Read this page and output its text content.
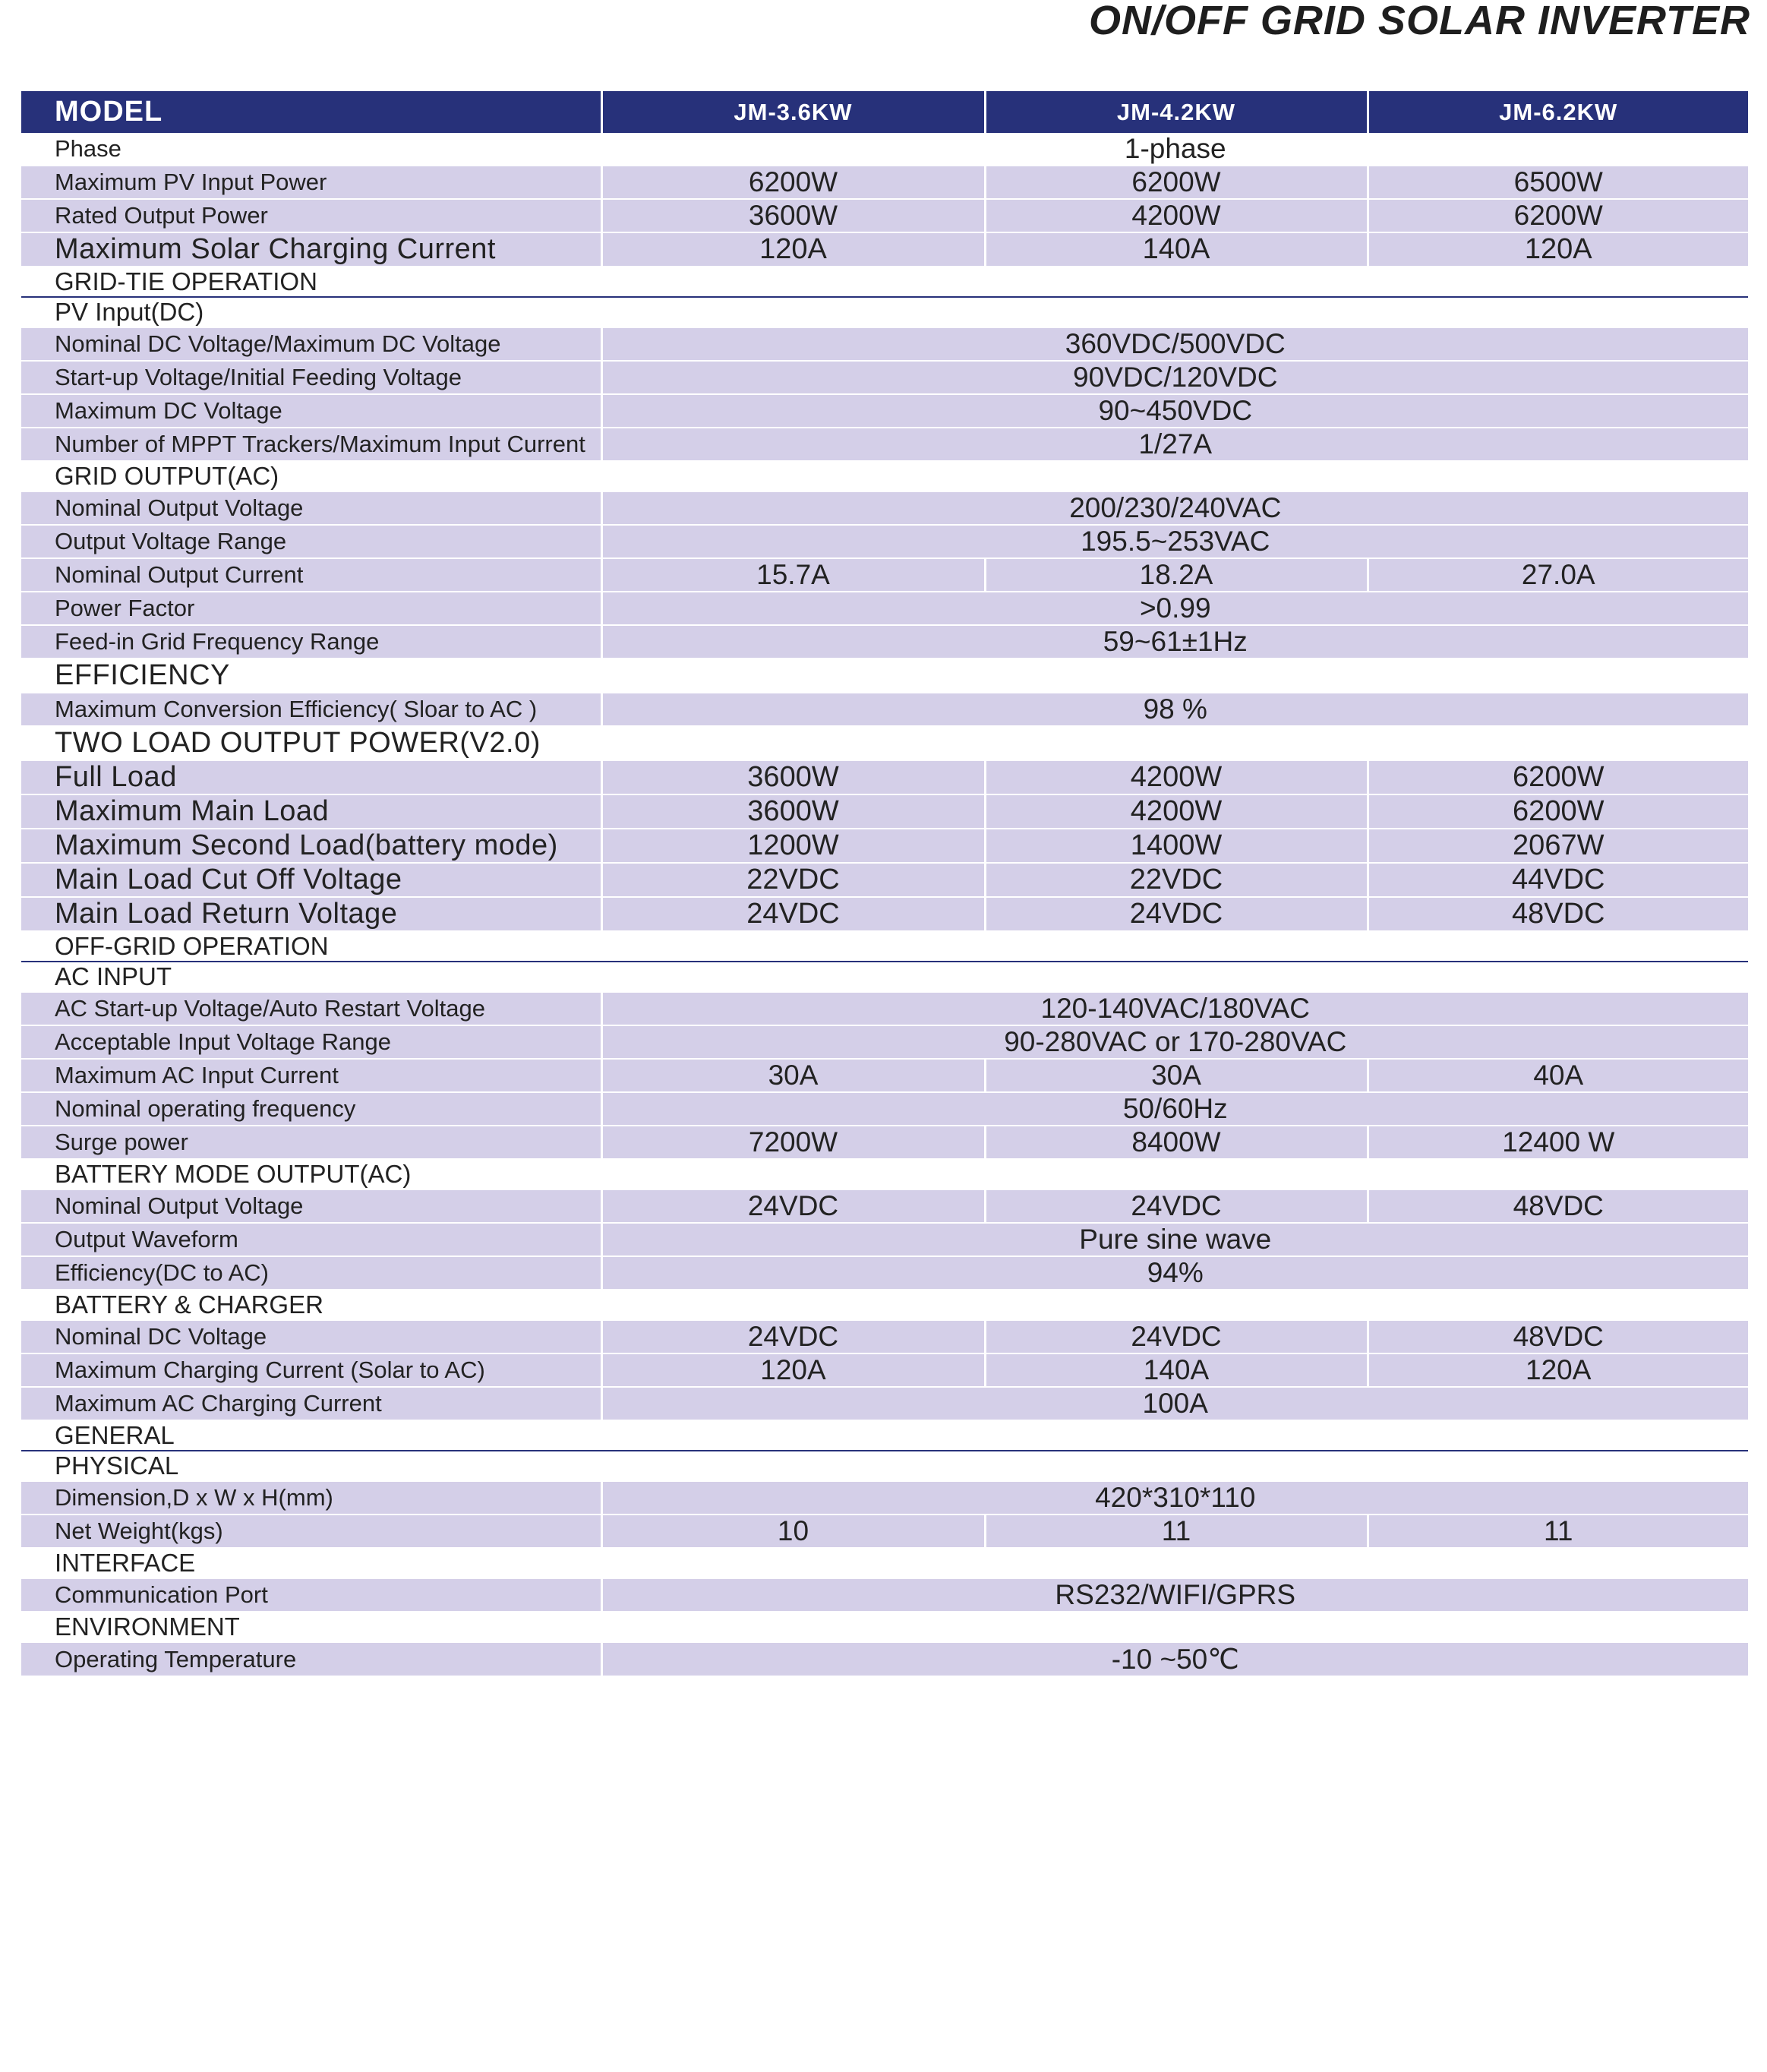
ON/OFF GRID SOLAR INVERTER
MODEL	JM-3.6KW	JM-4.2KW	JM-6.2KW
Phase	1-phase		
Maximum PV Input Power	6200W	6200W	6500W
Rated Output Power	3600W	4200W	6200W
Maximum Solar Charging Current	120A	140A	120A
GRID-TIE OPERATION			
PV Input(DC)			
Nominal DC Voltage/Maximum DC Voltage	360VDC/500VDC		
Start-up Voltage/Initial Feeding Voltage	90VDC/120VDC		
Maximum DC Voltage	90~450VDC		
Number of MPPT Trackers/Maximum Input Current	1/27A		
GRID OUTPUT(AC)			
Nominal Output Voltage	200/230/240VAC		
Output Voltage Range	195.5~253VAC		
Nominal Output Current	15.7A	18.2A	27.0A
Power Factor	>0.99		
Feed-in Grid Frequency Range	59~61±1Hz		
EFFICIENCY			
Maximum Conversion Efficiency( Sloar to AC )	98 %		
TWO LOAD OUTPUT POWER(V2.0)			
Full Load	3600W	4200W	6200W
Maximum Main Load	3600W	4200W	6200W
Maximum Second Load(battery mode)	1200W	1400W	2067W
Main Load Cut Off Voltage	22VDC	22VDC	44VDC
Main Load Return Voltage	24VDC	24VDC	48VDC
OFF-GRID OPERATION			
AC INPUT			
AC Start-up Voltage/Auto Restart Voltage	120-140VAC/180VAC		
Acceptable Input Voltage Range	90-280VAC or 170-280VAC		
Maximum AC Input Current	30A	30A	40A
Nominal operating frequency	50/60Hz		
Surge power	7200W	8400W	12400 W
BATTERY MODE OUTPUT(AC)			
Nominal Output Voltage	24VDC	24VDC	48VDC
Output Waveform	Pure sine wave		
Efficiency(DC to AC)	94%		
BATTERY & CHARGER			
Nominal DC Voltage	24VDC	24VDC	48VDC
Maximum Charging Current (Solar to AC)	120A	140A	120A
Maximum AC Charging Current	100A		
GENERAL			
PHYSICAL			
Dimension,D x W x H(mm)	420*310*110		
Net Weight(kgs)	10	11	11
INTERFACE			
Communication Port	RS232/WIFI/GPRS		
ENVIRONMENT			
Operating Temperature	-10 ~50℃		
